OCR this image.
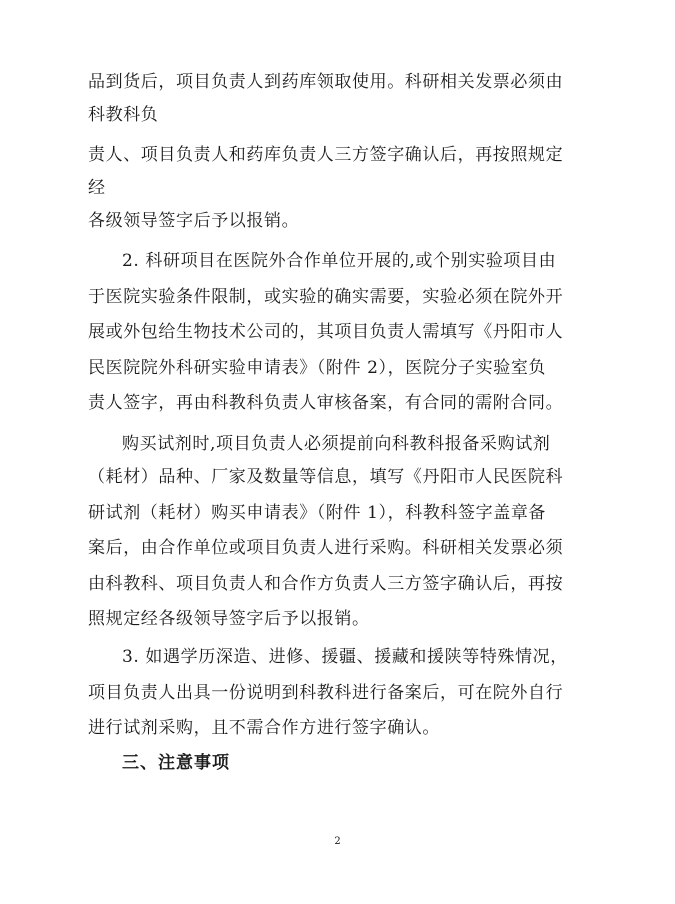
品到货后，项目负责人到药库领取使用。科研相关发票必须由
科教科负
责人、项目负责人和药库负责人三方签字确认后，再按照规定
经
各级领导签字后予以报销。
2. 科研项目在医院外合作单位开展的,或个别实验项目由
于医院实验条件限制，或实验的确实需要，实验必须在院外开
展或外包给生物技术公司的，其项目负责人需填写《丹阳市人
民医院院外科研实验申请表》（附件 2），医院分子实验室负
责人签字，再由科教科负责人审核备案，有合同的需附合同。
购买试剂时,项目负责人必须提前向科教科报备采购试剂
（耗材）品种、厂家及数量等信息，填写《丹阳市人民医院科
研试剂（耗材）购买申请表》（附件 1），科教科签字盖章备
案后，由合作单位或项目负责人进行采购。科研相关发票必须
由科教科、项目负责人和合作方负责人三方签字确认后，再按
照规定经各级领导签字后予以报销。
3. 如遇学历深造、进修、援疆、援藏和援陕等特殊情况，
项目负责人出具一份说明到科教科进行备案后，可在院外自行
进行试剂采购，且不需合作方进行签字确认。
三、注意事项
2
